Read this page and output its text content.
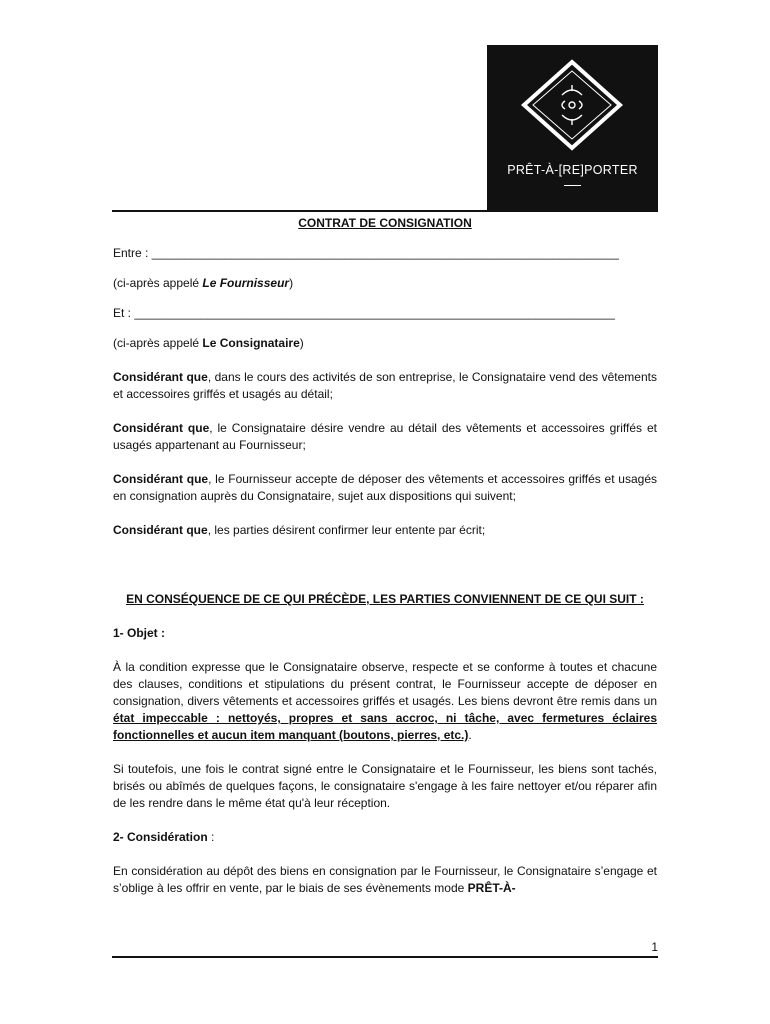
PRÊT-À-[RE]PORTER

CONTRAT DE CONSIGNATION

Entre : ______________________________________________________________________

(ci-après appelé Le Fournisseur)

Et : ________________________________________________________________________

(ci-après appelé Le Consignataire)

Considérant que, dans le cours des activités de son entreprise, le Consignataire vend des vêtements et accessoires griffés et usagés au détail;

Considérant que, le Consignataire désire vendre au détail des vêtements et accessoires griffés et usagés appartenant au Fournisseur;

Considérant que, le Fournisseur accepte de déposer des vêtements et accessoires griffés et usagés en consignation auprès du Consignataire, sujet aux dispositions qui suivent;

Considérant que, les parties désirent confirmer leur entente par écrit;

EN CONSÉQUENCE DE CE QUI PRÉCÈDE, LES PARTIES CONVIENNENT DE CE QUI SUIT :

1- Objet :

À la condition expresse que le Consignataire observe, respecte et se conforme à toutes et chacune des clauses, conditions et stipulations du présent contrat, le Fournisseur accepte de déposer en consignation, divers vêtements et accessoires griffés et usagés. Les biens devront être remis dans un état impeccable : nettoyés, propres et sans accroc, ni tâche, avec fermetures éclaires fonctionnelles et aucun item manquant (boutons, pierres, etc.).

Si toutefois, une fois le contrat signé entre le Consignataire et le Fournisseur, les biens sont tachés, brisés ou abîmés de quelques façons, le consignataire s'engage à les faire nettoyer et/ou réparer afin de les rendre dans le même état qu'à leur réception.

2- Considération :

En considération au dépôt des biens en consignation par le Fournisseur, le Consignataire s’engage et s’oblige à les offrir en vente, par le biais de ses évènements mode PRÊT-À-

1
